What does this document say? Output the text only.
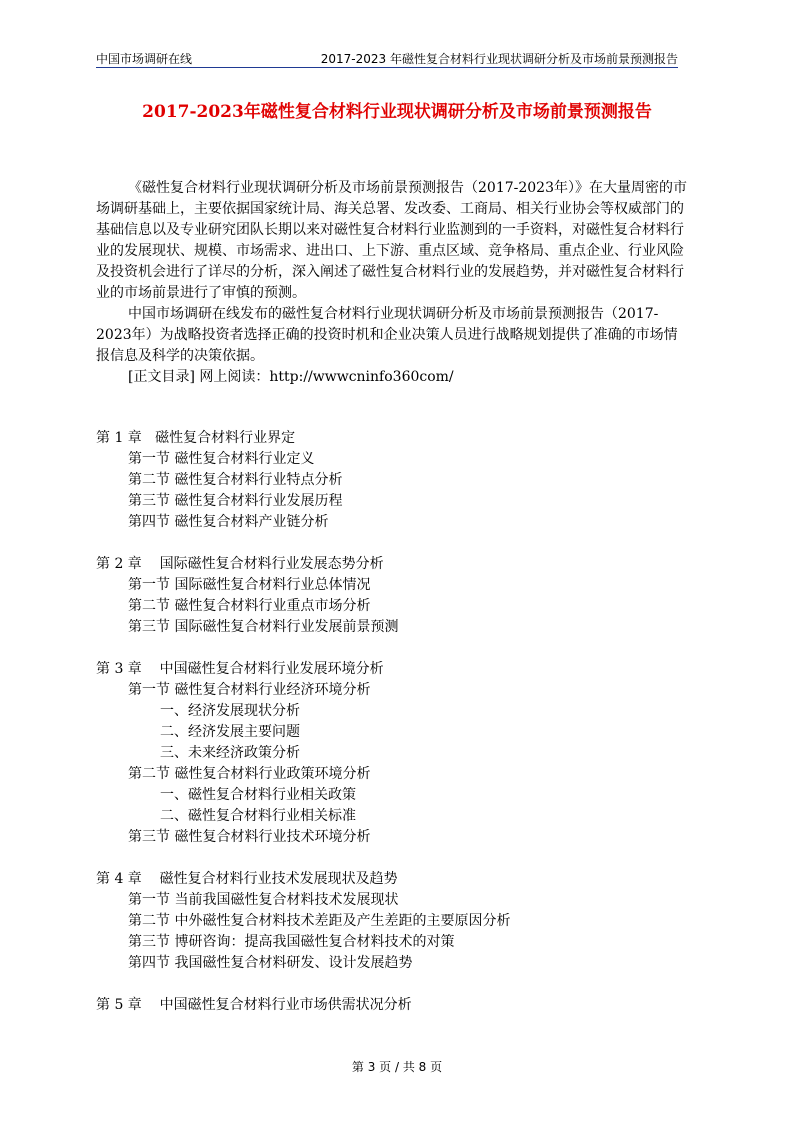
中国市场调研在线	2017-2023 年磁性复合材料行业现状调研分析及市场前景预测报告
2017-2023年磁性复合材料行业现状调研分析及市场前景预测报告

《磁性复合材料行业现状调研分析及市场前景预测报告（2017-2023年）》在大量周密的市场调研基础上，主要依据国家统计局、海关总署、发改委、工商局、相关行业协会等权威部门的基础信息以及专业研究团队长期以来对磁性复合材料行业监测到的一手资料，对磁性复合材料行业的发展现状、规模、市场需求、进出口、上下游、重点区域、竞争格局、重点企业、行业风险及投资机会进行了详尽的分析，深入阐述了磁性复合材料行业的发展趋势，并对磁性复合材料行业的市场前景进行了审慎的预测。

中国市场调研在线发布的磁性复合材料行业现状调研分析及市场前景预测报告（2017-2023年）为战略投资者选择正确的投资时机和企业决策人员进行战略规划提供了准确的市场情报信息及科学的决策依据。

[正文目录] 网上阅读：http://wwwcninfo360com/

第 1 章   磁性复合材料行业界定
第一节 磁性复合材料行业定义
第二节 磁性复合材料行业特点分析
第三节 磁性复合材料行业发展历程
第四节 磁性复合材料产业链分析
第 2 章    国际磁性复合材料行业发展态势分析
第一节 国际磁性复合材料行业总体情况
第二节 磁性复合材料行业重点市场分析
第三节 国际磁性复合材料行业发展前景预测
第 3 章    中国磁性复合材料行业发展环境分析
第一节 磁性复合材料行业经济环境分析
一、经济发展现状分析
二、经济发展主要问题
三、未来经济政策分析
第二节 磁性复合材料行业政策环境分析
一、磁性复合材料行业相关政策
二、磁性复合材料行业相关标准
第三节 磁性复合材料行业技术环境分析
第 4 章    磁性复合材料行业技术发展现状及趋势
第一节 当前我国磁性复合材料技术发展现状
第二节 中外磁性复合材料技术差距及产生差距的主要原因分析
第三节 博研咨询：提高我国磁性复合材料技术的对策
第四节 我国磁性复合材料研发、设计发展趋势
第 5 章    中国磁性复合材料行业市场供需状况分析
第 3 页 / 共 8 页
